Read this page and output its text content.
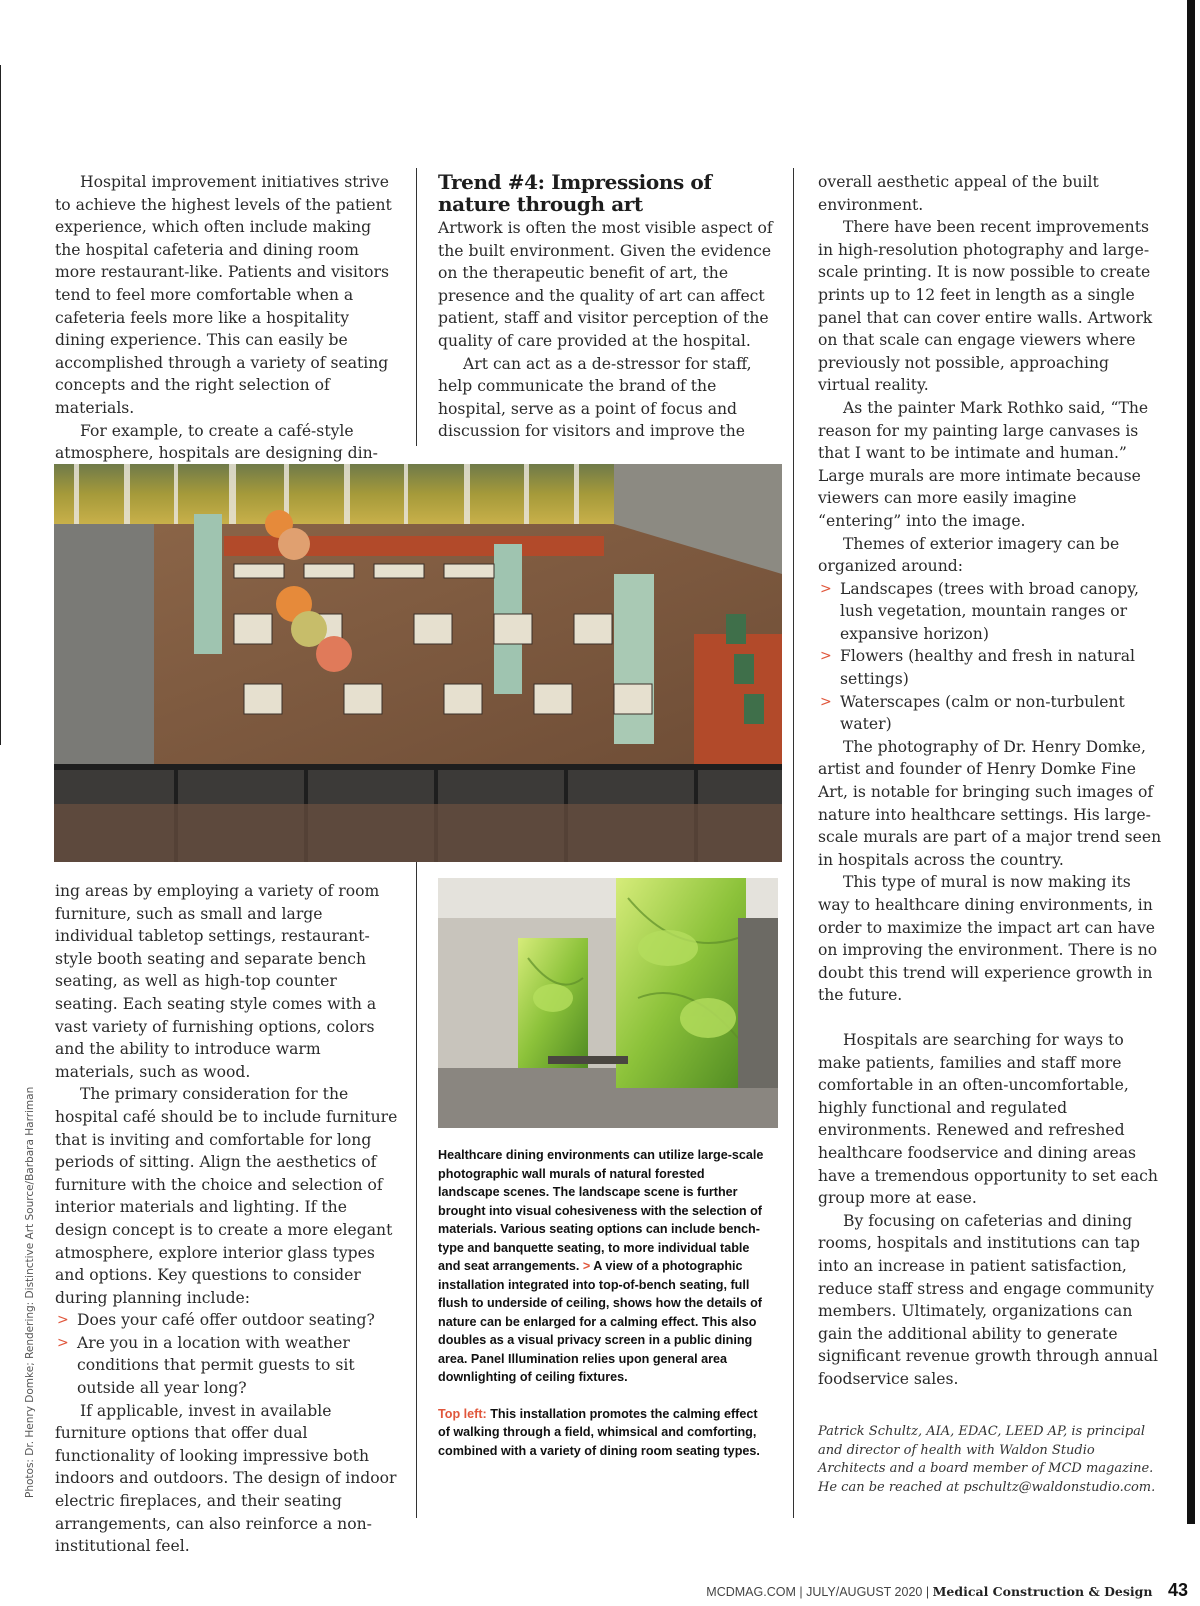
Hospital improvement initiatives strive to achieve the highest levels of the patient experience, which often include making the hospital cafeteria and dining room more restaurant-like. Patients and visitors tend to feel more comfortable when a cafeteria feels more like a hospitality dining experience. This can easily be accomplished through a variety of seating concepts and the right selection of materials.

For example, to create a café-style atmosphere, hospitals are designing din-

Trend #4: Impressions of nature through art

Artwork is often the most visible aspect of the built environment. Given the evidence on the therapeutic benefit of art, the presence and the quality of art can affect patient, staff and visitor perception of the quality of care provided at the hospital.

Art can act as a de-stressor for staff, help communicate the brand of the hospital, serve as a point of focus and discussion for visitors and improve the

ing areas by employing a variety of room furniture, such as small and large individual tabletop settings, restaurant-style booth seating and separate bench seating, as well as high-top counter seating. Each seating style comes with a vast variety of furnishing options, colors and the ability to introduce warm materials, such as wood.

The primary consideration for the hospital café should be to include furniture that is inviting and comfortable for long periods of sitting. Align the aesthetics of furniture with the choice and selection of interior materials and lighting. If the design concept is to create a more elegant atmosphere, explore interior glass types and options. Key questions to consider during planning include:

> Does your café offer outdoor seating?
> Are you in a location with weather conditions that permit guests to sit outside all year long?

If applicable, invest in available furniture options that offer dual functionality of looking impressive both indoors and outdoors. The design of indoor electric fireplaces, and their seating arrangements, can also reinforce a non-institutional feel.

Healthcare dining environments can utilize large-scale photographic wall murals of natural forested landscape scenes. The landscape scene is further brought into visual cohesiveness with the selection of materials. Various seating options can include bench-type and banquette seating, to more individual table and seat arrangements. > A view of a photographic installation integrated into top-of-bench seating, full flush to underside of ceiling, shows how the details of nature can be enlarged for a calming effect. This also doubles as a visual privacy screen in a public dining area. Panel Illumination relies upon general area downlighting of ceiling fixtures.

Top left: This installation promotes the calming effect of walking through a field, whimsical and comforting, combined with a variety of dining room seating types.

overall aesthetic appeal of the built environment.

There have been recent improvements in high-resolution photography and large-scale printing. It is now possible to create prints up to 12 feet in length as a single panel that can cover entire walls. Artwork on that scale can engage viewers where previously not possible, approaching virtual reality.

As the painter Mark Rothko said, “The reason for my painting large canvases is that I want to be intimate and human.” Large murals are more intimate because viewers can more easily imagine “entering” into the image.

Themes of exterior imagery can be organized around:

> Landscapes (trees with broad canopy, lush vegetation, mountain ranges or expansive horizon)
> Flowers (healthy and fresh in natural settings)
> Waterscapes (calm or non-turbulent water)

The photography of Dr. Henry Domke, artist and founder of Henry Domke Fine Art, is notable for bringing such images of nature into healthcare settings. His large-scale murals are part of a major trend seen in hospitals across the country.

This type of mural is now making its way to healthcare dining environments, in order to maximize the impact art can have on improving the environment. There is no doubt this trend will experience growth in the future.

Hospitals are searching for ways to make patients, families and staff more comfortable in an often-uncomfortable, highly functional and regulated environments. Renewed and refreshed healthcare foodservice and dining areas have a tremendous opportunity to set each group more at ease.

By focusing on cafeterias and dining rooms, hospitals and institutions can tap into an increase in patient satisfaction, reduce staff stress and engage community members. Ultimately, organizations can gain the additional ability to generate significant revenue growth through annual foodservice sales.

Patrick Schultz, AIA, EDAC, LEED AP, is principal and director of health with Waldon Studio Architects and a board member of MCD magazine. He can be reached at pschultz@waldonstudio.com.
Photos: Dr. Henry Domke; Rendering: Distinctive Art Source/Barbara Harriman
MCDMAG.COM | JULY/AUGUST 2020 | Medical Construction & Design 43
